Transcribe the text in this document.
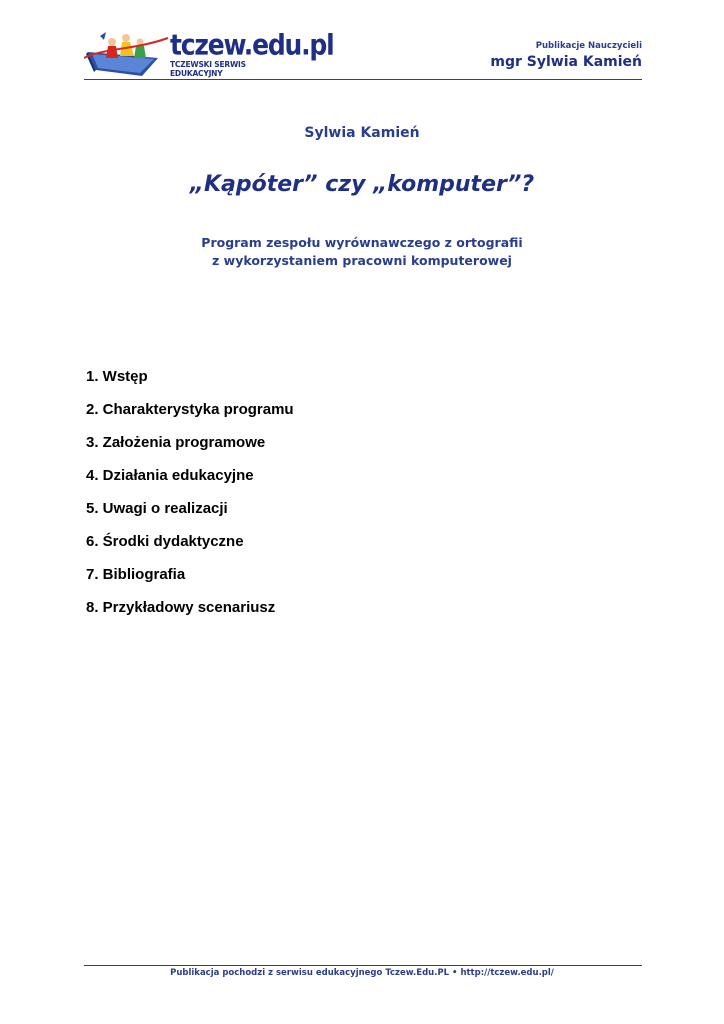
tczew.edu.pl
TCZEWSKI SERWIS EDUKACYJNY
Publikacje Nauczycieli
mgr Sylwia Kamień
Sylwia Kamień
„Kąpóter” czy „komputer”?
Program zespołu wyrównawczego z ortografii
z wykorzystaniem pracowni komputerowej
1. Wstęp
2. Charakterystyka programu
3. Założenia programowe
4. Działania edukacyjne
5. Uwagi o realizacji
6. Środki dydaktyczne
7. Bibliografia
8. Przykładowy scenariusz
Publikacja pochodzi z serwisu edukacyjnego Tczew.Edu.PL • http://tczew.edu.pl/
